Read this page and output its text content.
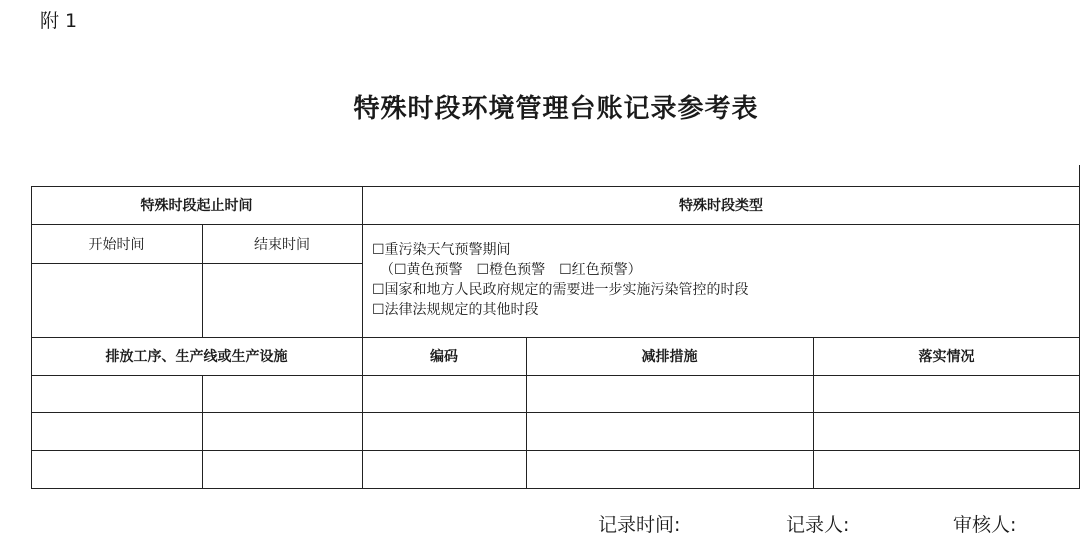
附 1
特殊时段环境管理台账记录参考表
特殊时段起止时间	特殊时段类型
开始时间	结束时间	☐重污染天气预警期间
（☐黄色预警　☐橙色预警　☐红色预警）
☐国家和地方人民政府规定的需要进一步实施污染管控的时段
☐法律法规规定的其他时段
排放工序、生产线或生产设施	编码	减排措施	落实情况
记录时间:	记录人:	审核人:
